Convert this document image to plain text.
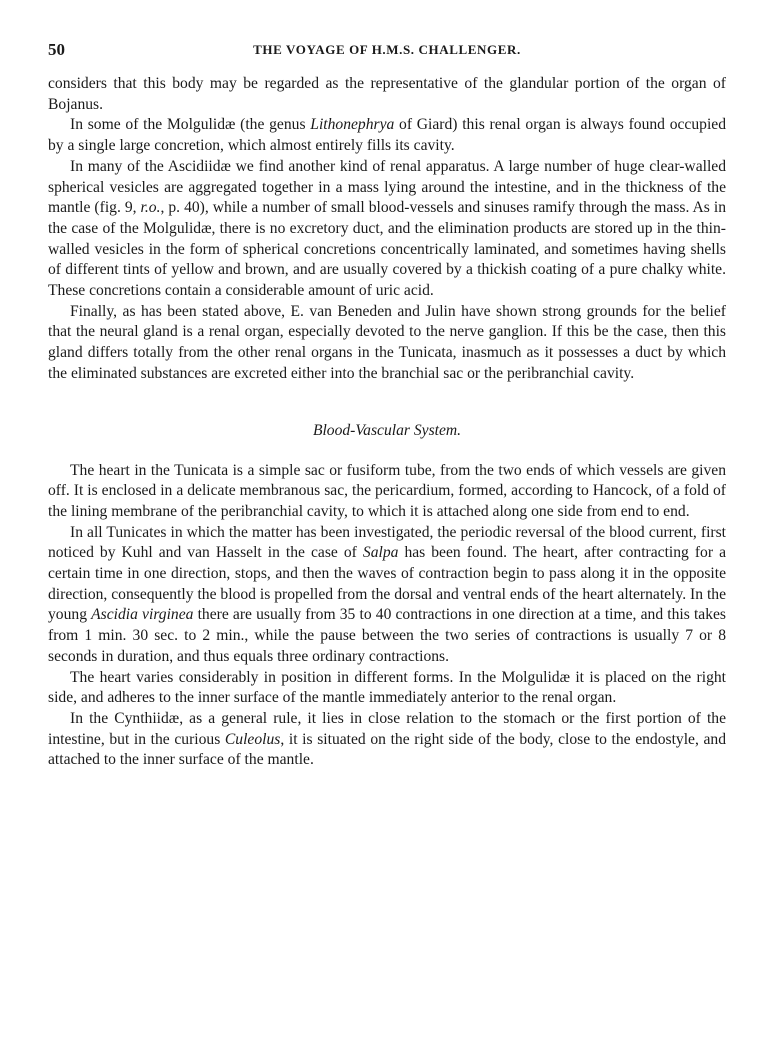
50	THE VOYAGE OF H.M.S. CHALLENGER.

considers that this body may be regarded as the representative of the glandular portion of the organ of Bojanus.

In some of the Molgulidæ (the genus Lithonephrya of Giard) this renal organ is always found occupied by a single large concretion, which almost entirely fills its cavity.

In many of the Ascidiidæ we find another kind of renal apparatus. A large number of huge clear-walled spherical vesicles are aggregated together in a mass lying around the intestine, and in the thickness of the mantle (fig. 9, r.o., p. 40), while a number of small blood-vessels and sinuses ramify through the mass. As in the case of the Molgulidæ, there is no excretory duct, and the elimination products are stored up in the thin-walled vesicles in the form of spherical concretions concentrically laminated, and sometimes having shells of different tints of yellow and brown, and are usually covered by a thickish coating of a pure chalky white. These concretions contain a considerable amount of uric acid.

Finally, as has been stated above, E. van Beneden and Julin have shown strong grounds for the belief that the neural gland is a renal organ, especially devoted to the nerve ganglion. If this be the case, then this gland differs totally from the other renal organs in the Tunicata, inasmuch as it possesses a duct by which the eliminated substances are excreted either into the branchial sac or the peribranchial cavity.

Blood-Vascular System.

The heart in the Tunicata is a simple sac or fusiform tube, from the two ends of which vessels are given off. It is enclosed in a delicate membranous sac, the pericardium, formed, according to Hancock, of a fold of the lining membrane of the peribranchial cavity, to which it is attached along one side from end to end.

In all Tunicates in which the matter has been investigated, the periodic reversal of the blood current, first noticed by Kuhl and van Hasselt in the case of Salpa has been found. The heart, after contracting for a certain time in one direction, stops, and then the waves of contraction begin to pass along it in the opposite direction, consequently the blood is propelled from the dorsal and ventral ends of the heart alternately. In the young Ascidia virginea there are usually from 35 to 40 contractions in one direction at a time, and this takes from 1 min. 30 sec. to 2 min., while the pause between the two series of contractions is usually 7 or 8 seconds in duration, and thus equals three ordinary contractions.

The heart varies considerably in position in different forms. In the Molgulidæ it is placed on the right side, and adheres to the inner surface of the mantle immediately anterior to the renal organ.

In the Cynthiidæ, as a general rule, it lies in close relation to the stomach or the first portion of the intestine, but in the curious Culeolus, it is situated on the right side of the body, close to the endostyle, and attached to the inner surface of the mantle.
